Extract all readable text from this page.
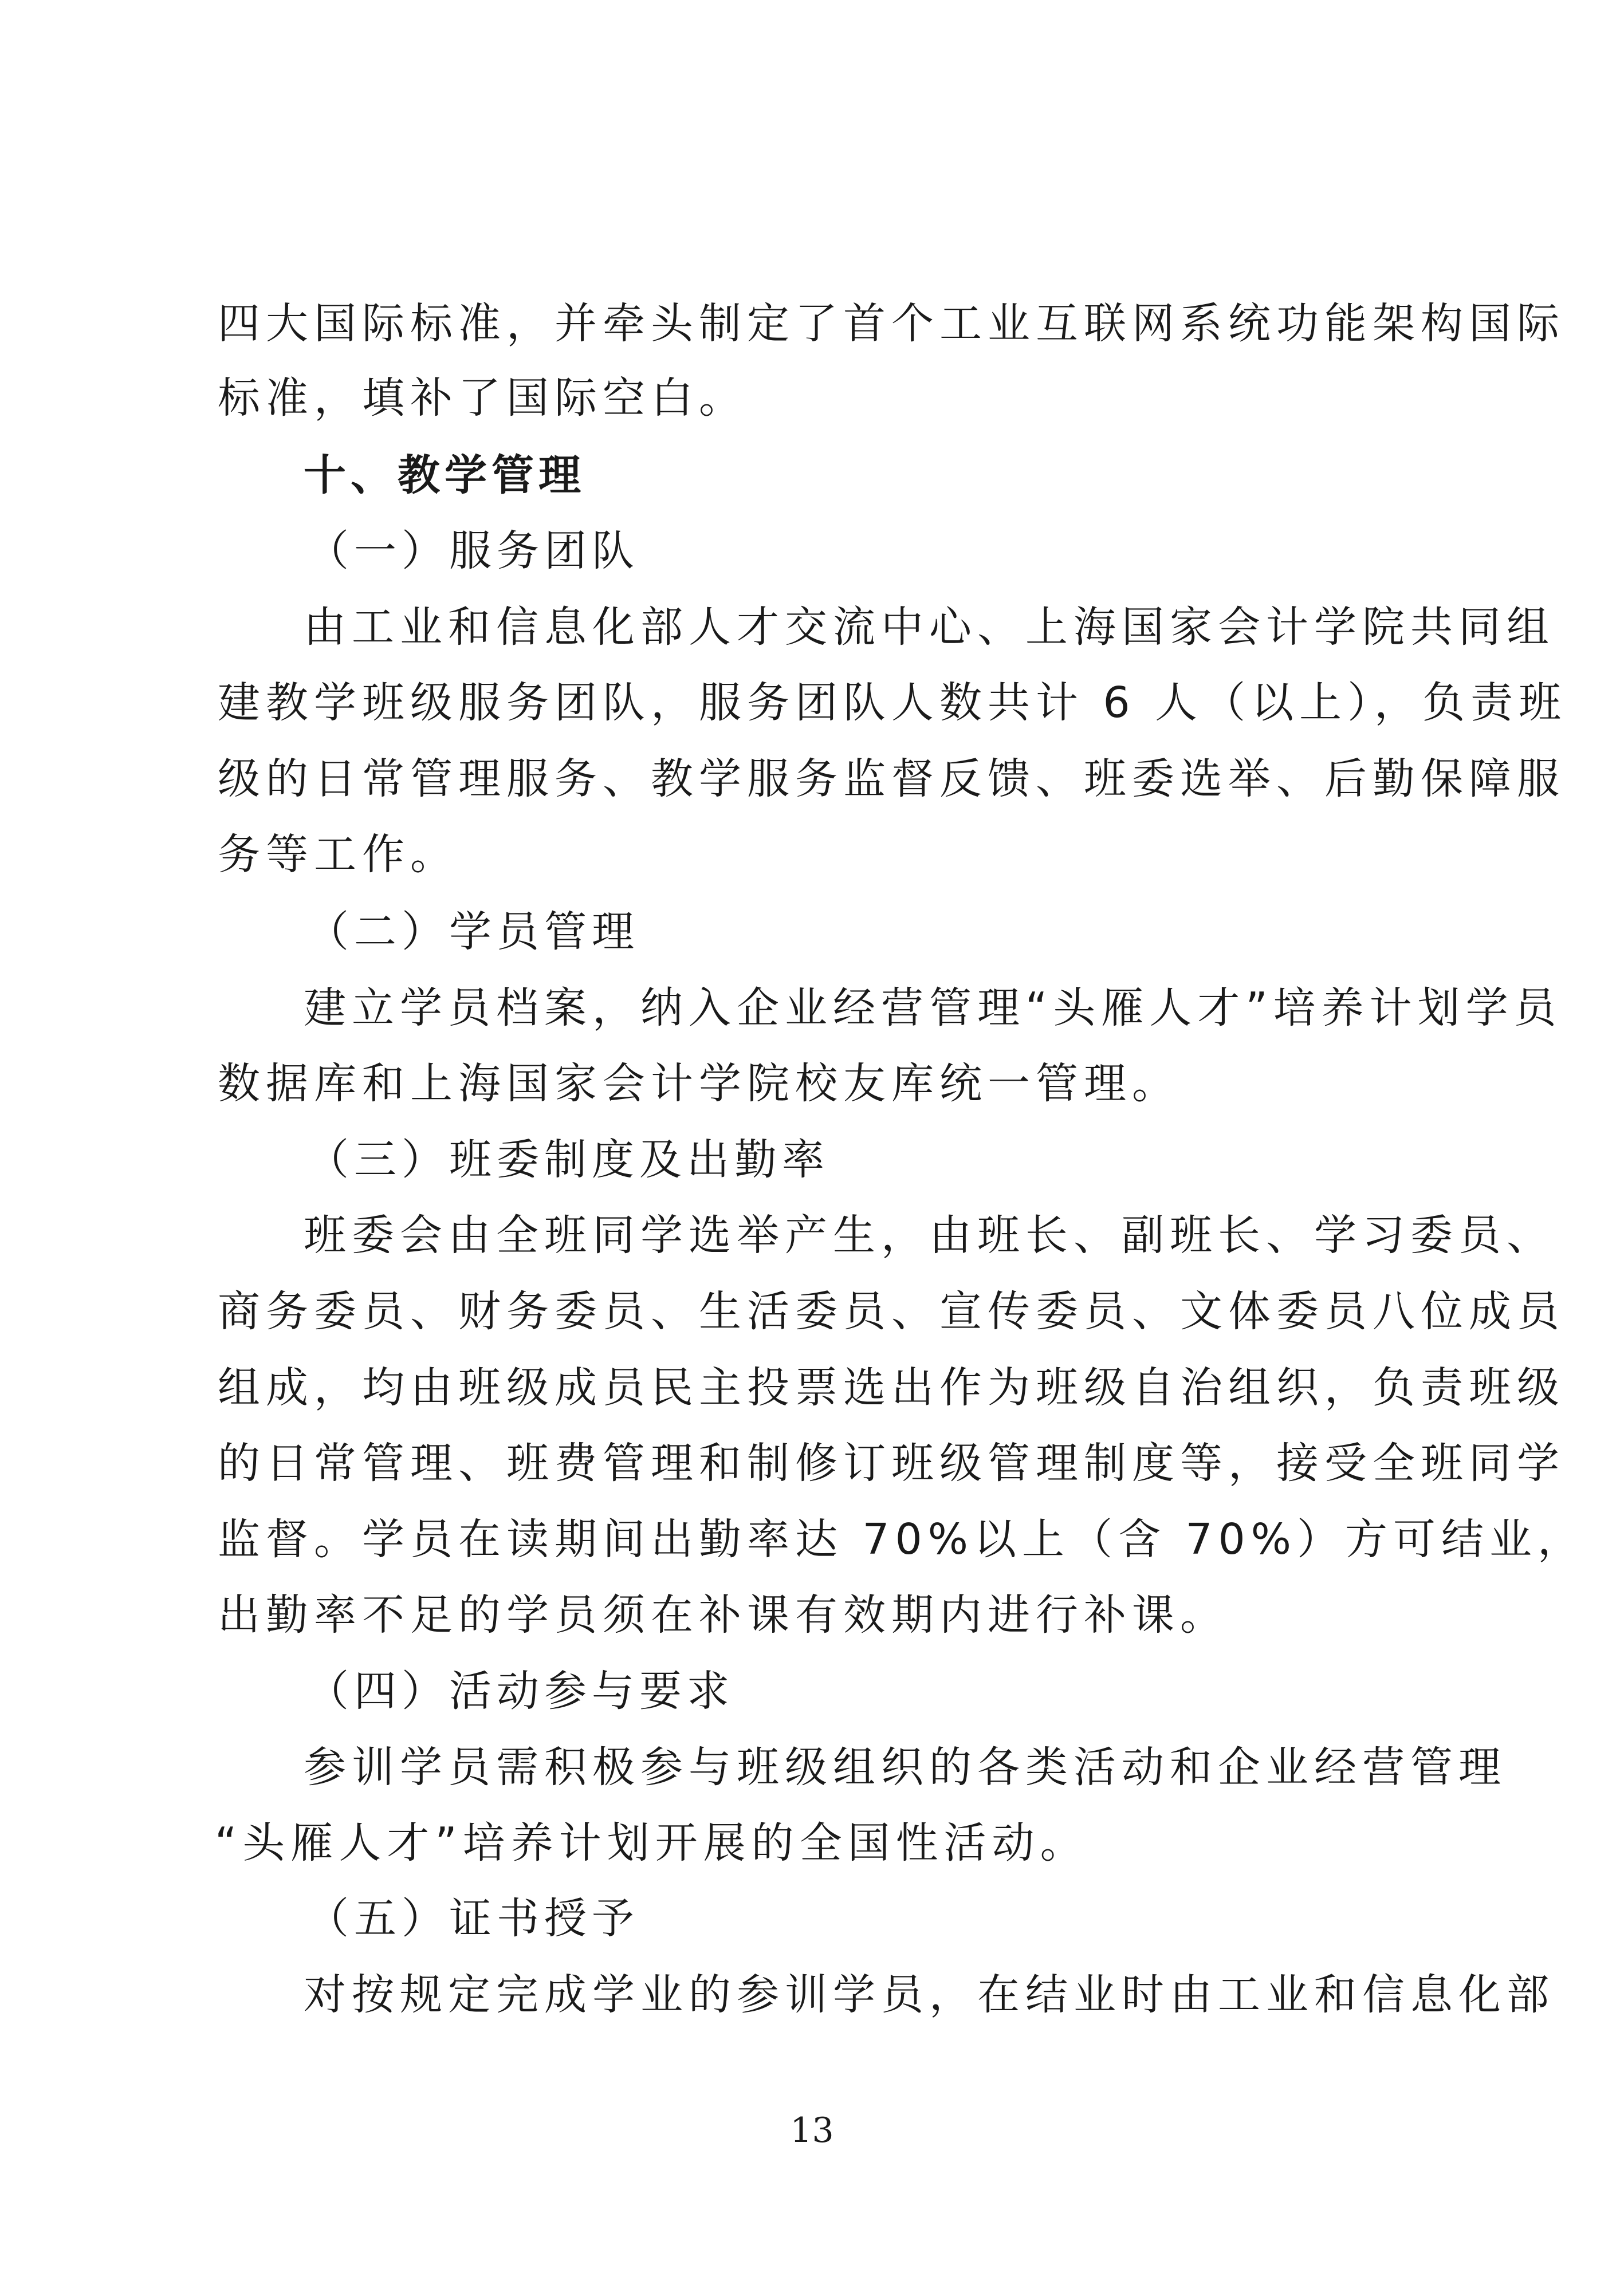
四大国际标准，并牵头制定了首个工业互联网系统功能架构国际
标准，填补了国际空白。
十、教学管理
（一）服务团队
由工业和信息化部人才交流中心、上海国家会计学院共同组
建教学班级服务团队，服务团队人数共计 6 人（以上），负责班
级的日常管理服务、教学服务监督反馈、班委选举、后勤保障服
务等工作。
（二）学员管理
建立学员档案，纳入企业经营管理“头雁人才”培养计划学员
数据库和上海国家会计学院校友库统一管理。
（三）班委制度及出勤率
班委会由全班同学选举产生，由班长、副班长、学习委员、
商务委员、财务委员、生活委员、宣传委员、文体委员八位成员
组成，均由班级成员民主投票选出作为班级自治组织，负责班级
的日常管理、班费管理和制修订班级管理制度等，接受全班同学
监督。学员在读期间出勤率达 70%以上（含 70%）方可结业，
出勤率不足的学员须在补课有效期内进行补课。
（四）活动参与要求
参训学员需积极参与班级组织的各类活动和企业经营管理
“头雁人才”培养计划开展的全国性活动。
（五）证书授予
对按规定完成学业的参训学员，在结业时由工业和信息化部
13
